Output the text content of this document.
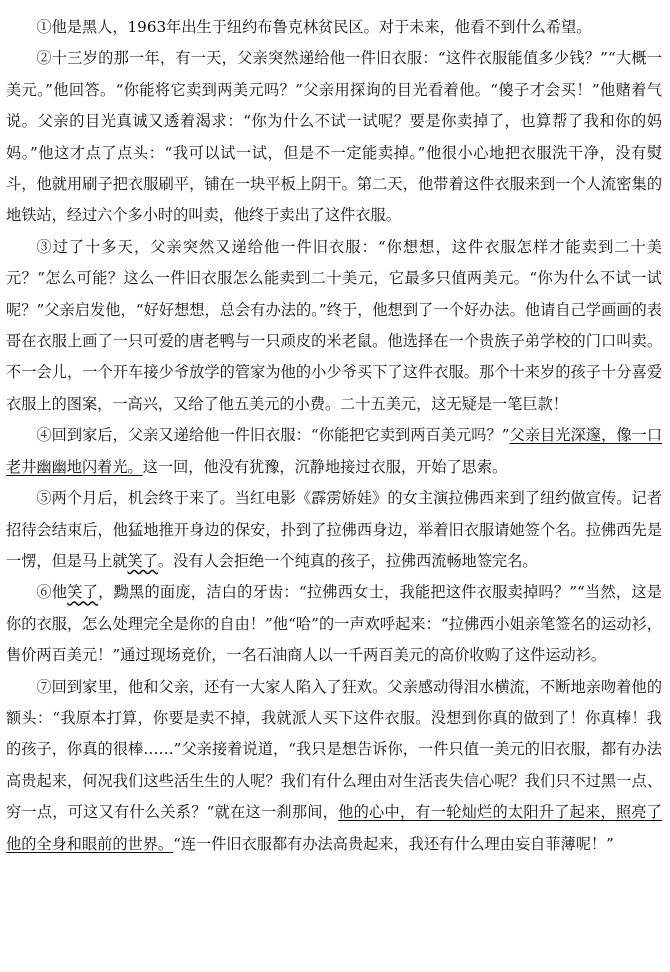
①他是黑人，1963年出生于纽约布鲁克林贫民区。对于未来，他看不到什么希望。

②十三岁的那一年，有一天，父亲突然递给他一件旧衣服：“这件衣服能值多少钱？”“大概一美元。”他回答。“你能将它卖到两美元吗？”父亲用探询的目光看着他。“傻子才会买！”他赌着气说。父亲的目光真诚又透着渴求：“你为什么不试一试呢？要是你卖掉了，也算帮了我和你的妈妈。”他这才点了点头：“我可以试一试，但是不一定能卖掉。”他很小心地把衣服洗干净，没有熨斗，他就用刷子把衣服刷平，铺在一块平板上阴干。第二天，他带着这件衣服来到一个人流密集的地铁站，经过六个多小时的叫卖，他终于卖出了这件衣服。

③过了十多天，父亲突然又递给他一件旧衣服：“你想想，这件衣服怎样才能卖到二十美元？”怎么可能？这么一件旧衣服怎么能卖到二十美元，它最多只值两美元。“你为什么不试一试呢？”父亲启发他，“好好想想，总会有办法的。”终于，他想到了一个好办法。他请自己学画画的表哥在衣服上画了一只可爱的唐老鸭与一只顽皮的米老鼠。他选择在一个贵族子弟学校的门口叫卖。不一会儿，一个开车接少爷放学的管家为他的小少爷买下了这件衣服。那个十来岁的孩子十分喜爱衣服上的图案，一高兴，又给了他五美元的小费。二十五美元，这无疑是一笔巨款！

④回到家后，父亲又递给他一件旧衣服：“你能把它卖到两百美元吗？”父亲目光深邃，像一口老井幽幽地闪着光。这一回，他没有犹豫，沉静地接过衣服，开始了思索。

⑤两个月后，机会终于来了。当红电影《霹雳娇娃》的女主演拉佛西来到了纽约做宣传。记者招待会结束后，他猛地推开身边的保安，扑到了拉佛西身边，举着旧衣服请她签个名。拉佛西先是一愣，但是马上就笑了。没有人会拒绝一个纯真的孩子，拉佛西流畅地签完名。

⑥他笑了，黝黑的面庞，洁白的牙齿：“拉佛西女士，我能把这件衣服卖掉吗？”“当然，这是你的衣服，怎么处理完全是你的自由！”他“哈”的一声欢呼起来：“拉佛西小姐亲笔签名的运动衫，售价两百美元！”通过现场竞价，一名石油商人以一千两百美元的高价收购了这件运动衫。

⑦回到家里，他和父亲，还有一大家人陷入了狂欢。父亲感动得泪水横流，不断地亲吻着他的额头：“我原本打算，你要是卖不掉，我就派人买下这件衣服。没想到你真的做到了！你真棒！我的孩子，你真的很棒……”父亲接着说道，“我只是想告诉你，一件只值一美元的旧衣服，都有办法高贵起来，何况我们这些活生生的人呢？我们有什么理由对生活丧失信心呢？我们只不过黑一点、穷一点，可这又有什么关系？”就在这一刹那间，他的心中，有一轮灿烂的太阳升了起来，照亮了他的全身和眼前的世界。“连一件旧衣服都有办法高贵起来，我还有什么理由妄自菲薄呢！”
